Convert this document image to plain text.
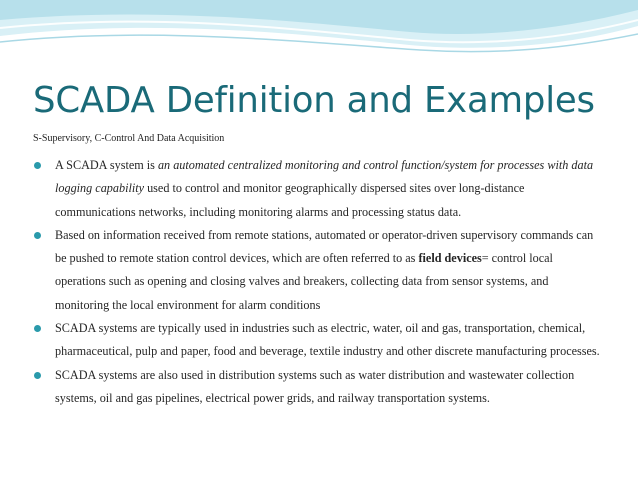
SCADA Definition and Examples
S-Supervisory, C-Control And Data Acquisition
A SCADA system is an automated centralized monitoring and control function/system for processes with data logging capability used to control and monitor geographically dispersed sites over long-distance communications networks, including monitoring alarms and processing status data.
Based on information received from remote stations, automated or operator-driven supervisory commands can be pushed to remote station control devices, which are often referred to as field devices= control local operations such as opening and closing valves and breakers, collecting data from sensor systems, and monitoring the local environment for alarm conditions
SCADA systems are typically used in industries such as electric, water, oil and gas, transportation, chemical, pharmaceutical, pulp and paper, food and beverage, textile industry and other discrete manufacturing processes.
SCADA systems are also used in distribution systems such as water distribution and wastewater collection systems, oil and gas pipelines, electrical power grids, and railway transportation systems.
